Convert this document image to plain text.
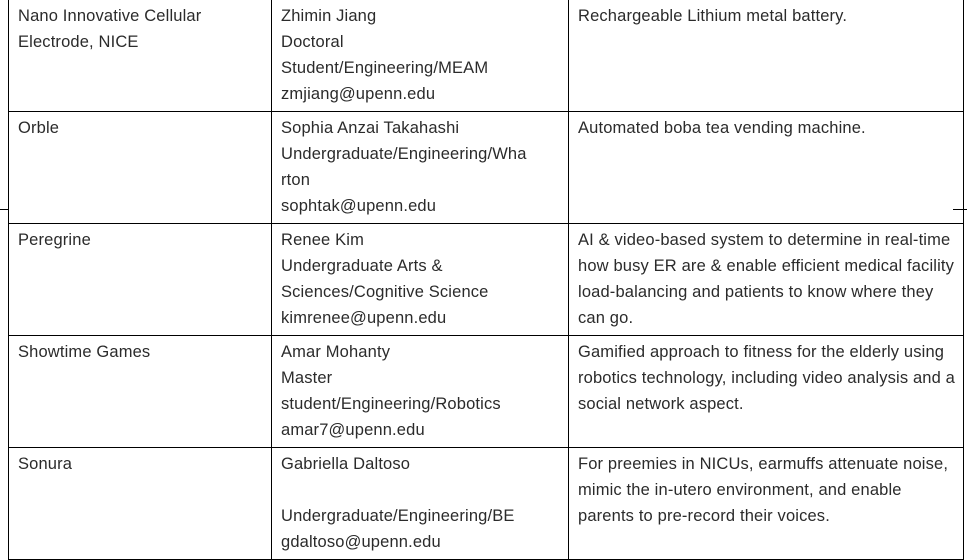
Nano Innovative Cellular Electrode, NICE	Zhimin Jiang
Doctoral
Student/Engineering/MEAM
zmjiang@upenn.edu	Rechargeable Lithium metal battery.
Orble	Sophia Anzai Takahashi
Undergraduate/Engineering/Wha
rton
sophtak@upenn.edu	Automated boba tea vending machine.
Peregrine	Renee Kim
Undergraduate Arts &
Sciences/Cognitive Science
kimrenee@upenn.edu	AI & video-based system to determine in real-time how busy ER are & enable efficient medical facility load-balancing and patients to know where they can go.
Showtime Games	Amar Mohanty
Master
student/Engineering/Robotics
amar7@upenn.edu	Gamified approach to fitness for the elderly using robotics technology, including video analysis and a social network aspect.
Sonura	Gabriella Daltoso
Undergraduate/Engineering/BE
gdaltoso@upenn.edu	For preemies in NICUs, earmuffs attenuate noise, mimic the in-utero environment, and enable parents to pre-record their voices.
